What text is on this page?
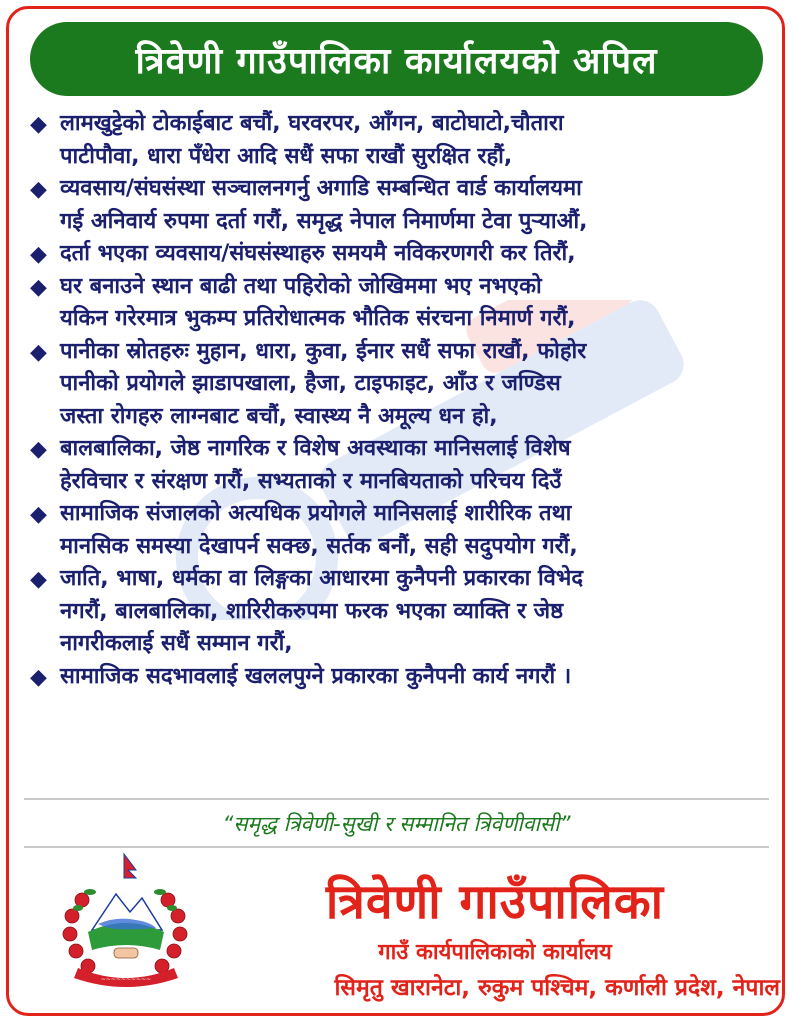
त्रिवेणी गाउँपालिका कार्यालयको अपिल
◆ लामखुट्टेको टोकाईबाट बचौं, घरवरपर, आँगन, बाटोघाटो,चौतारा
पाटीपौवा, धारा पँधेरा आदि सधैं सफा राखौं सुरक्षित रहौं,
◆ व्यवसाय/संघसंस्था सञ्चालनगर्नु अगाडि सम्बन्धित वार्ड कार्यालयमा
गई अनिवार्य रुपमा दर्ता गरौं, समृद्ध नेपाल निमार्णमा टेवा पुऱ्याऔं,
◆ दर्ता भएका व्यवसाय/संघसंस्थाहरु समयमै नविकरणगरी कर तिरौं,
◆ घर बनाउने स्थान बाढी तथा पहिरोको जोखिममा भए नभएको
यकिन गरेरमात्र भुकम्प प्रतिरोधात्मक भौतिक संरचना निमार्ण गरौं,
◆ पानीका स्रोतहरुः मुहान, धारा, कुवा, ईनार सधैं सफा राखौं, फोहोर
पानीको प्रयोगले झाडापखाला, हैजा, टाइफाइट, आँउ र जण्डिस
जस्ता रोगहरु लाग्नबाट बचौं, स्वास्थ्य नै अमूल्य धन हो,
◆ बालबालिका, जेष्ठ नागरिक र विशेष अवस्थाका मानिसलाई विशेष
हेरविचार र संरक्षण गरौं, सभ्यताको र मानबियताको परिचय दिउँ
◆ सामाजिक संजालको अत्यधिक प्रयोगले मानिसलाई शारीरिक तथा
मानसिक समस्या देखापर्न सक्छ, सर्तक बनौं, सही सदुपयोग गरौं,
◆ जाति, भाषा, धर्मका वा लिङ्गका आधारमा कुनैपनी प्रकारका विभेद
नगरौं, बालबालिका, शारिरीकरुपमा फरक भएका व्याक्ति र जेष्ठ
नागरीकलाई सधैं सम्मान गरौं,
◆ सामाजिक सदभावलाई खललपुग्ने प्रकारका कुनैपनी कार्य नगरौं ।
“समृद्ध त्रिवेणी-सुखी र सम्मानित त्रिवेणीवासी”
~~~~~~~~~~
त्रिवेणी गाउँपालिका
गाउँ कार्यपालिकाको कार्यालय
सिमृतु खारानेटा, रुकुम पश्चिम, कर्णाली प्रदेश, नेपाल
